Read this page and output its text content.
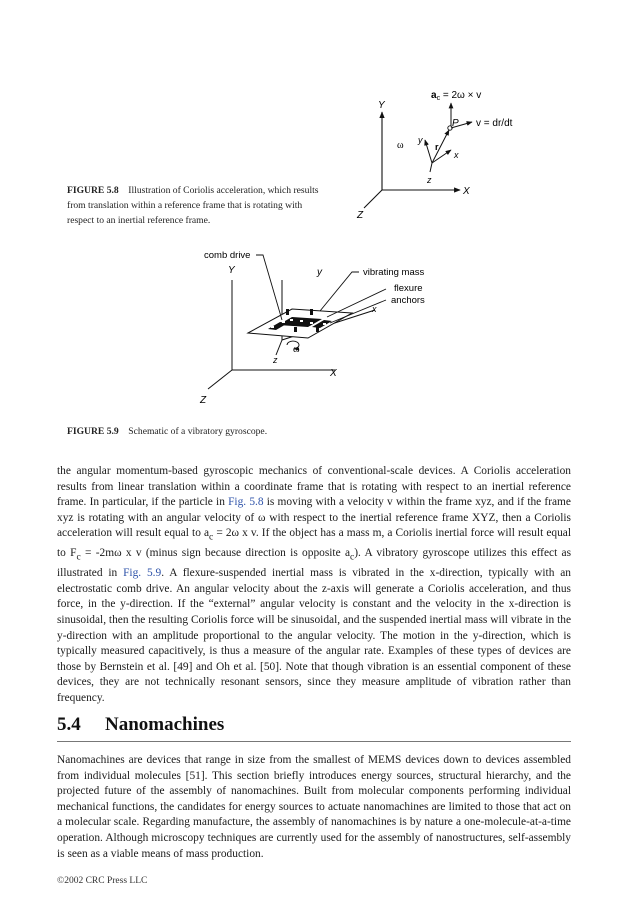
Y
X
Z
y
x
z
ω	r
P v = dr/dt
$a_c = 2\omega \times v$
FIGURE 5.8 Illustration of Coriolis acceleration, which results from translation within a reference frame that is rotating with respect to an inertial reference frame.
Y
X
Z
y
x
z
ω
comb drive
vibrating mass
flexure
anchors
FIGURE 5.9 Schematic of a vibratory gyroscope.
the angular momentum-based gyroscopic mechanics of conventional-scale devices. A Coriolis acceleration results from linear translation within a coordinate frame that is rotating with respect to an inertial reference frame. In particular, if the particle in Fig. 5.8 is moving with a velocity v within the frame xyz, and if the frame xyz is rotating with an angular velocity of ω with respect to the inertial reference frame XYZ, then a Coriolis acceleration will result equal to $a_c = 2\omega$ x v. If the object has a mass m, a Coriolis inertial force will result equal to $F_c = -2m\omega$ x v (minus sign because direction is opposite $a_c$). A vibratory gyroscope utilizes this effect as illustrated in Fig. 5.9. A flexure-suspended inertial mass is vibrated in the x-direction, typically with an electrostatic comb drive. An angular velocity about the z-axis will generate a Coriolis acceleration, and thus force, in the y-direction. If the “external” angular velocity is constant and the velocity in the x-direction is sinusoidal, then the resulting Coriolis force will be sinusoidal, and the suspended inertial mass will vibrate in the y-direction with an amplitude proportional to the angular velocity. The motion in the y-direction, which is typically measured capacitively, is thus a measure of the angular rate. Examples of these types of devices are those by Bernstein et al. [49] and Oh et al. [50]. Note that though vibration is an essential component of these devices, they are not technically resonant sensors, since they measure amplitude of vibration rather than frequency.
5.4 Nanomachines
Nanomachines are devices that range in size from the smallest of MEMS devices down to devices assembled from individual molecules [51]. This section briefly introduces energy sources, structural hierarchy, and the projected future of the assembly of nanomachines. Built from molecular components performing individual mechanical functions, the candidates for energy sources to actuate nanomachines are limited to those that act on a molecular scale. Regarding manufacture, the assembly of nanomachines is by nature a one-molecule-at-a-time operation. Although microscopy techniques are currently used for the assembly of nanostructures, self-assembly is seen as a viable means of mass production.
©2002 CRC Press LLC
